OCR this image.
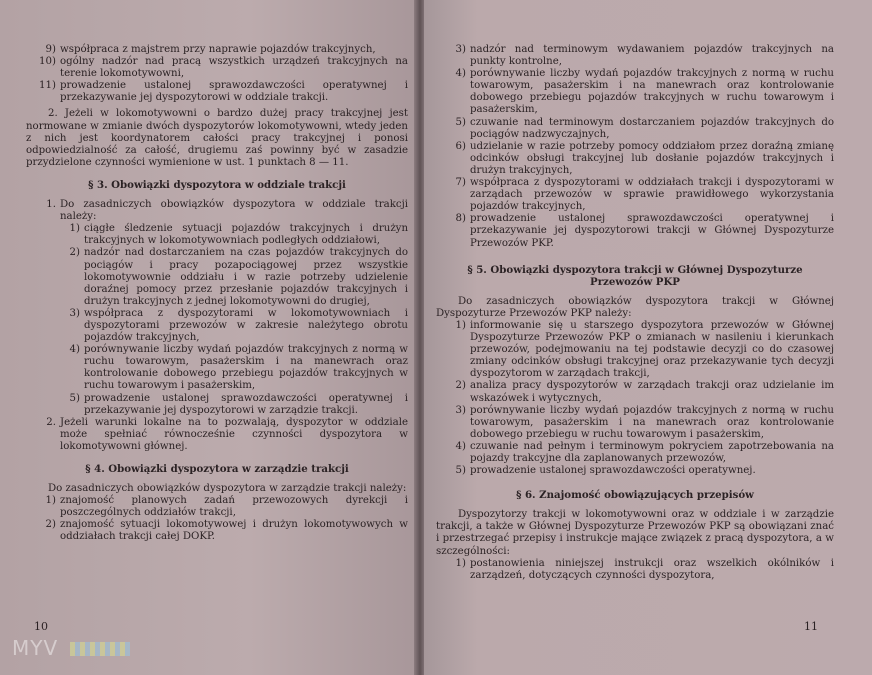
9) współpraca z majstrem przy naprawie pojazdów trakcyjnych,
10) ogólny nadzór nad pracą wszystkich urządzeń trakcyjnych na terenie lokomotywowni,
11) prowadzenie ustalonej sprawozdawczości operatywnej i przekazywanie jej dyspozytorowi w oddziale trakcji.
2. Jeżeli w lokomotywowni o bardzo dużej pracy trakcyjnej jest normowane w zmianie dwóch dyspozytorów lokomotywowni, wtedy jeden z nich jest koordynatorem całości pracy trakcyjnej i ponosi odpowiedzialność za całość, drugiemu zaś powinny być w zasadzie przydzielone czynności wymienione w ust. 1 punktach 8 — 11.
§ 3. Obowiązki dyspozytora w oddziale trakcji
1. Do zasadniczych obowiązków dyspozytora w oddziale trakcji należy:
1) ciągłe śledzenie sytuacji pojazdów trakcyjnych i drużyn trakcyjnych w lokomotywowniach podległych oddziałowi,
2) nadzór nad dostarczaniem na czas pojazdów trakcyjnych do pociągów i pracy pozapociągowej przez wszystkie lokomotywownie oddziału i w razie potrzeby udzielenie doraźnej pomocy przez przesłanie pojazdów trakcyjnych i drużyn trakcyjnych z jednej lokomotywowni do drugiej,
3) współpraca z dyspozytorami w lokomotywowniach i dyspozytorami przewozów w zakresie należytego obrotu pojazdów trakcyjnych,
4) porównywanie liczby wydań pojazdów trakcyjnych z normą w ruchu towarowym, pasażerskim i na manewrach oraz kontrolowanie dobowego przebiegu pojazdów trakcyjnych w ruchu towarowym i pasażerskim,
5) prowadzenie ustalonej sprawozdawczości operatywnej i przekazywanie jej dyspozytorowi w zarządzie trakcji.
2. Jeżeli warunki lokalne na to pozwalają, dyspozytor w oddziale może spełniać równocześnie czynności dyspozytora w lokomotywowni głównej.
§ 4. Obowiązki dyspozytora w zarządzie trakcji
Do zasadniczych obowiązków dyspozytora w zarządzie trakcji należy:
1) znajomość planowych zadań przewozowych dyrekcji i poszczególnych oddziałów trakcji,
2) znajomość sytuacji lokomotywowej i drużyn lokomotywowych w oddziałach trakcji całej DOKP.
10
3) nadzór nad terminowym wydawaniem pojazdów trakcyjnych na punkty kontrolne,
4) porównywanie liczby wydań pojazdów trakcyjnych z normą w ruchu towarowym, pasażerskim i na manewrach oraz kontrolowanie dobowego przebiegu pojazdów trakcyjnych w ruchu towarowym i pasażerskim,
5) czuwanie nad terminowym dostarczaniem pojazdów trakcyjnych do pociągów nadzwyczajnych,
6) udzielanie w razie potrzeby pomocy oddziałom przez doraźną zmianę odcinków obsługi trakcyjnej lub dosłanie pojazdów trakcyjnych i drużyn trakcyjnych,
7) współpraca z dyspozytorami w oddziałach trakcji i dyspozytorami w zarządach przewozów w sprawie prawidłowego wykorzystania pojazdów trakcyjnych,
8) prowadzenie ustalonej sprawozdawczości operatywnej i przekazywanie jej dyspozytorowi trakcji w Głównej Dyspozyturze Przewozów PKP.
§ 5. Obowiązki dyspozytora trakcji w Głównej Dyspozyturze
Przewozów PKP
Do zasadniczych obowiązków dyspozytora trakcji w Głównej Dyspozyturze Przewozów PKP należy:
1) informowanie się u starszego dyspozytora przewozów w Głównej Dyspozyturze Przewozów PKP o zmianach w nasileniu i kierunkach przewozów, podejmowaniu na tej podstawie decyzji co do czasowej zmiany odcinków obsługi trakcyjnej oraz przekazywanie tych decyzji dyspozytorom w zarządach trakcji,
2) analiza pracy dyspozytorów w zarządach trakcji oraz udzielanie im wskazówek i wytycznych,
3) porównywanie liczby wydań pojazdów trakcyjnych z normą w ruchu towarowym, pasażerskim i na manewrach oraz kontrolowanie dobowego przebiegu w ruchu towarowym i pasażerskim,
4) czuwanie nad pełnym i terminowym pokryciem zapotrzebowania na pojazdy trakcyjne dla zaplanowanych przewozów,
5) prowadzenie ustalonej sprawozdawczości operatywnej.
§ 6. Znajomość obowiązujących przepisów
Dyspozytorzy trakcji w lokomotywowni oraz w oddziale i w zarządzie trakcji, a także w Głównej Dyspozyturze Przewozów PKP są obowiązani znać i przestrzegać przepisy i instrukcje mające związek z pracą dyspozytora, a w szczególności:
1) postanowienia niniejszej instrukcji oraz wszelkich okólników i zarządzeń, dotyczących czynności dyspozytora,
11
MYV
